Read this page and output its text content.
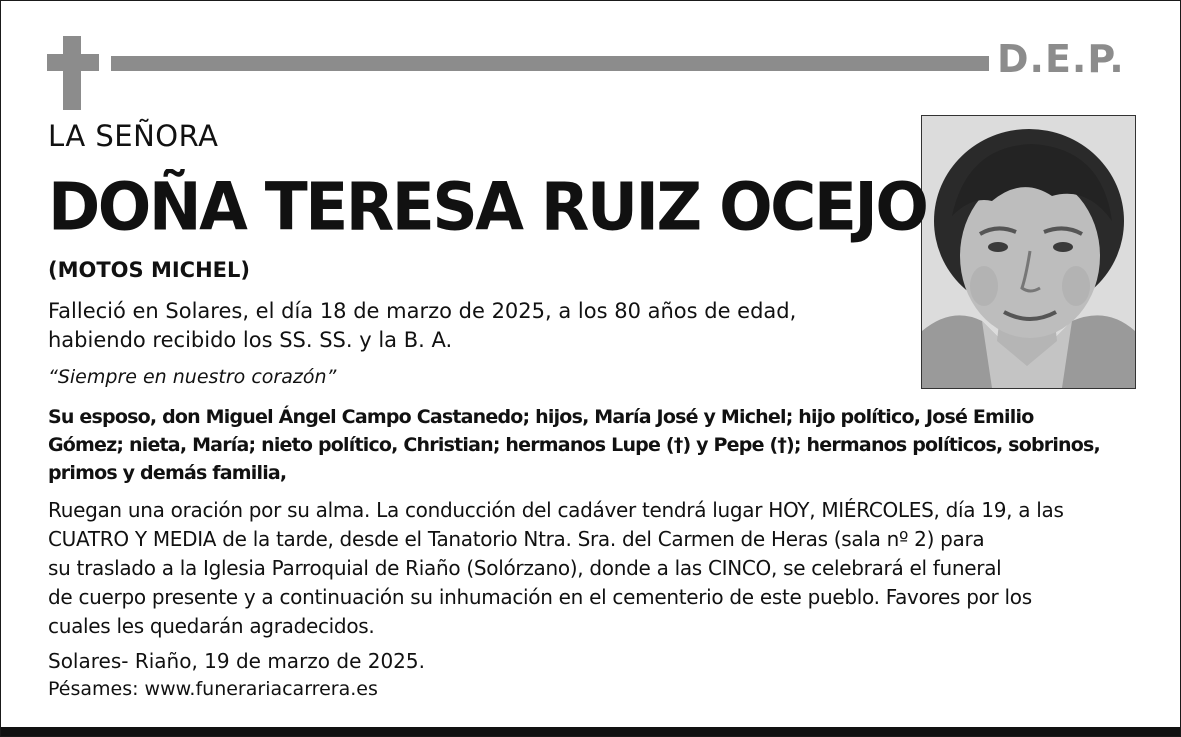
D.E.P.

LA SEÑORA

DOÑA TERESA RUIZ OCEJO

(MOTOS MICHEL)

Falleció en Solares, el día 18 de marzo de 2025, a los 80 años de edad,
habiendo recibido los SS. SS. y la B. A.

“Siempre en nuestro corazón”

Su esposo, don Miguel Ángel Campo Castanedo; hijos, María José y Michel; hijo político, José Emilio
Gómez; nieta, María; nieto político, Christian; hermanos Lupe (†) y Pepe (†); hermanos políticos, sobrinos,
primos y demás familia,

Ruegan una oración por su alma. La conducción del cadáver tendrá lugar HOY, MIÉRCOLES, día 19, a las
CUATRO Y MEDIA de la tarde, desde el Tanatorio Ntra. Sra. del Carmen de Heras (sala nº 2) para
su traslado a la Iglesia Parroquial de Riaño (Solórzano), donde a las CINCO, se celebrará el funeral
de cuerpo presente y a continuación su inhumación en el cementerio de este pueblo. Favores por los
cuales les quedarán agradecidos.

Solares- Riaño, 19 de marzo de 2025.

Pésames: www.funerariacarrera.es
